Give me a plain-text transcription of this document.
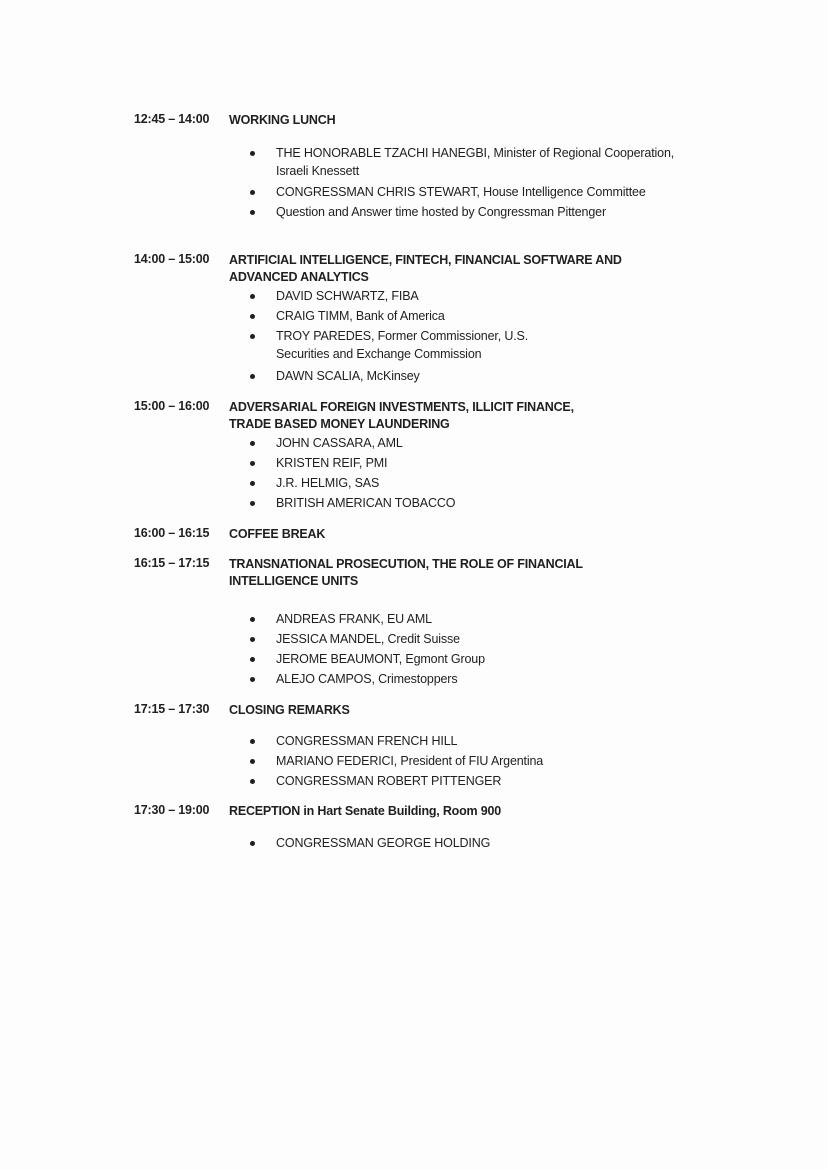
12:45 – 14:00 WORKING LUNCH
THE HONORABLE TZACHI HANEGBI, Minister of Regional Cooperation, Israeli Knessett
CONGRESSMAN CHRIS STEWART, House Intelligence Committee
Question and Answer time hosted by Congressman Pittenger
14:00 – 15:00 ARTIFICIAL INTELLIGENCE, FINTECH, FINANCIAL SOFTWARE AND ADVANCED ANALYTICS
DAVID SCHWARTZ, FIBA
CRAIG TIMM, Bank of America
TROY PAREDES, Former Commissioner, U.S. Securities and Exchange Commission
DAWN SCALIA, McKinsey
15:00 – 16:00 ADVERSARIAL FOREIGN INVESTMENTS, ILLICIT FINANCE, TRADE BASED MONEY LAUNDERING
JOHN CASSARA, AML
KRISTEN REIF, PMI
J.R. HELMIG, SAS
BRITISH AMERICAN TOBACCO
16:00 – 16:15 COFFEE BREAK
16:15 – 17:15 TRANSNATIONAL PROSECUTION, THE ROLE OF FINANCIAL INTELLIGENCE UNITS
ANDREAS FRANK, EU AML
JESSICA MANDEL, Credit Suisse
JEROME BEAUMONT, Egmont Group
ALEJO CAMPOS, Crimestoppers
17:15 – 17:30 CLOSING REMARKS
CONGRESSMAN FRENCH HILL
MARIANO FEDERICI, President of FIU Argentina
CONGRESSMAN ROBERT PITTENGER
17:30 – 19:00 RECEPTION in Hart Senate Building, Room 900
CONGRESSMAN GEORGE HOLDING
